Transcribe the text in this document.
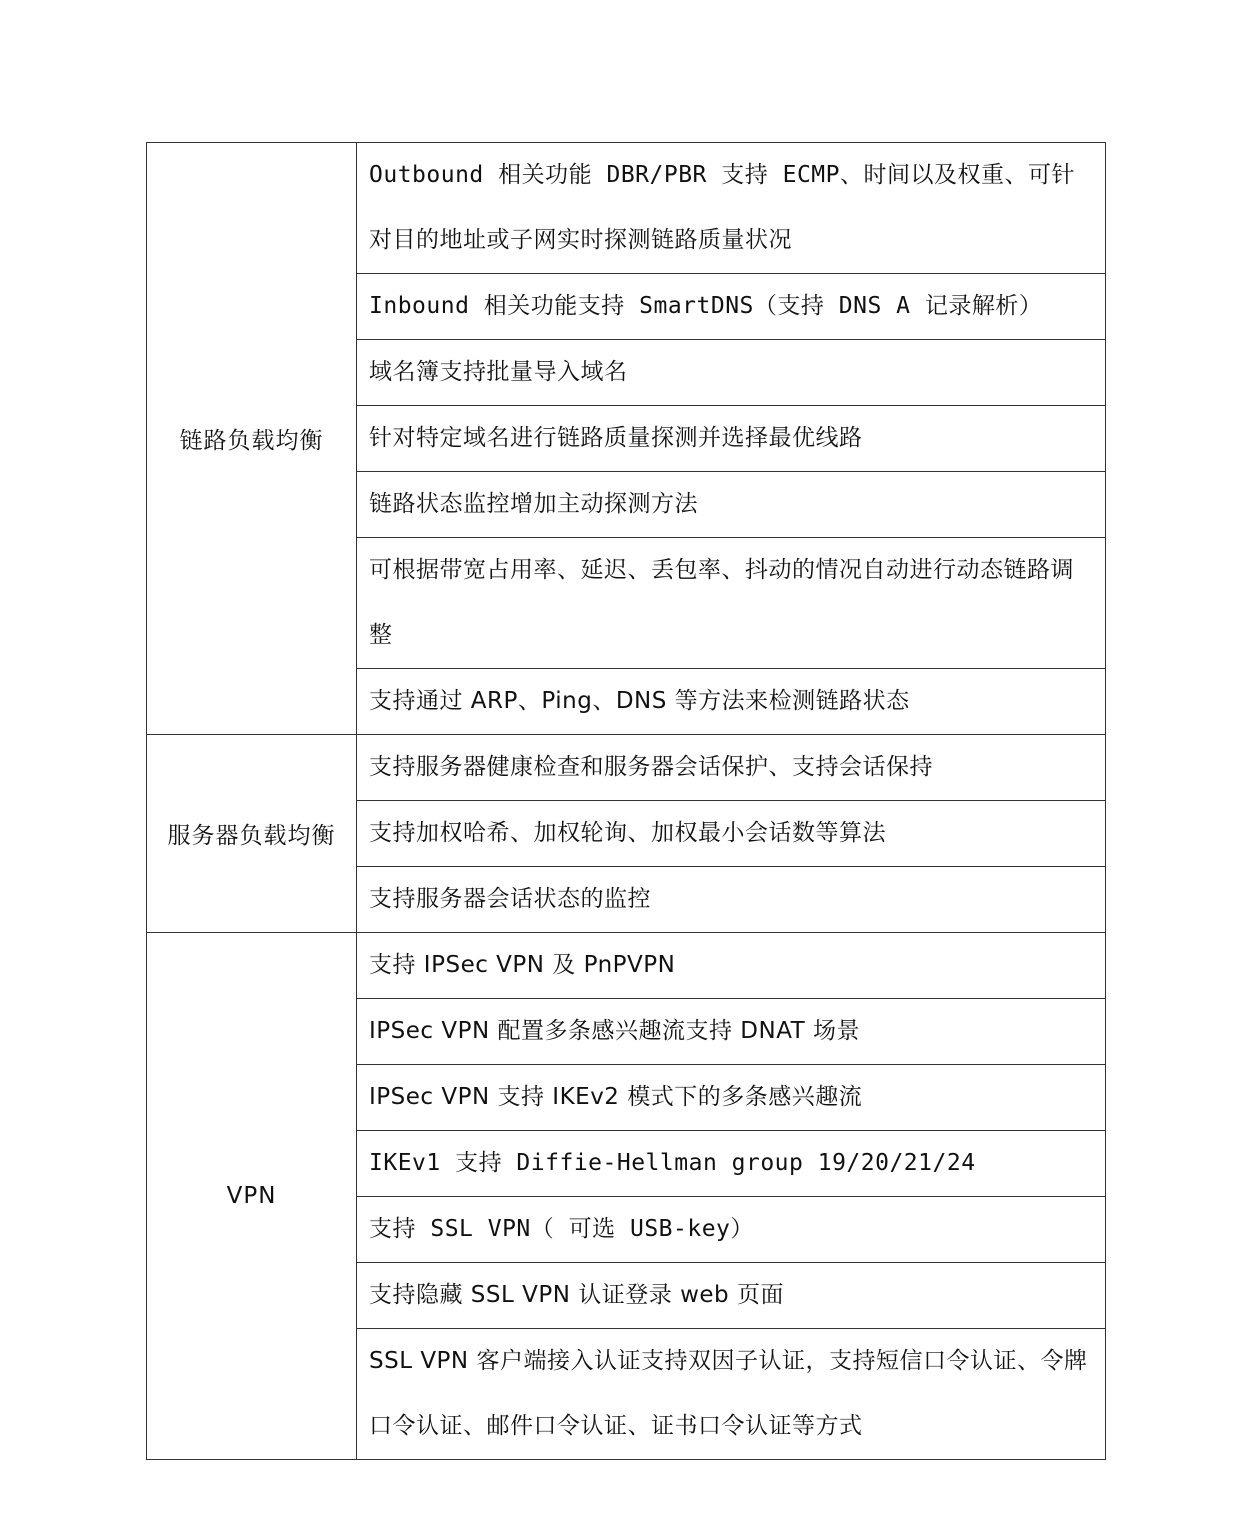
链路负载均衡	Outbound 相关功能 DBR/PBR 支持 ECMP、时间以及权重、可针对目的地址或子网实时探测链路质量状况
	Inbound 相关功能支持 SmartDNS（支持 DNS A 记录解析）
	域名簿支持批量导入域名
	针对特定域名进行链路质量探测并选择最优线路
	链路状态监控增加主动探测方法
	可根据带宽占用率、延迟、丢包率、抖动的情况自动进行动态链路调整
	支持通过 ARP、Ping、DNS 等方法来检测链路状态
服务器负载均衡	支持服务器健康检查和服务器会话保护、支持会话保持
	支持加权哈希、加权轮询、加权最小会话数等算法
	支持服务器会话状态的监控
VPN	支持 IPSec VPN 及 PnPVPN
	IPSec VPN 配置多条感兴趣流支持 DNAT 场景
	IPSec VPN 支持 IKEv2 模式下的多条感兴趣流
	IKEv1 支持 Diffie-Hellman group 19/20/21/24
	支持 SSL VPN（ 可选 USB-key）
	支持隐藏 SSL VPN 认证登录 web 页面
	SSL VPN 客户端接入认证支持双因子认证，支持短信口令认证、令牌口令认证、邮件口令认证、证书口令认证等方式
